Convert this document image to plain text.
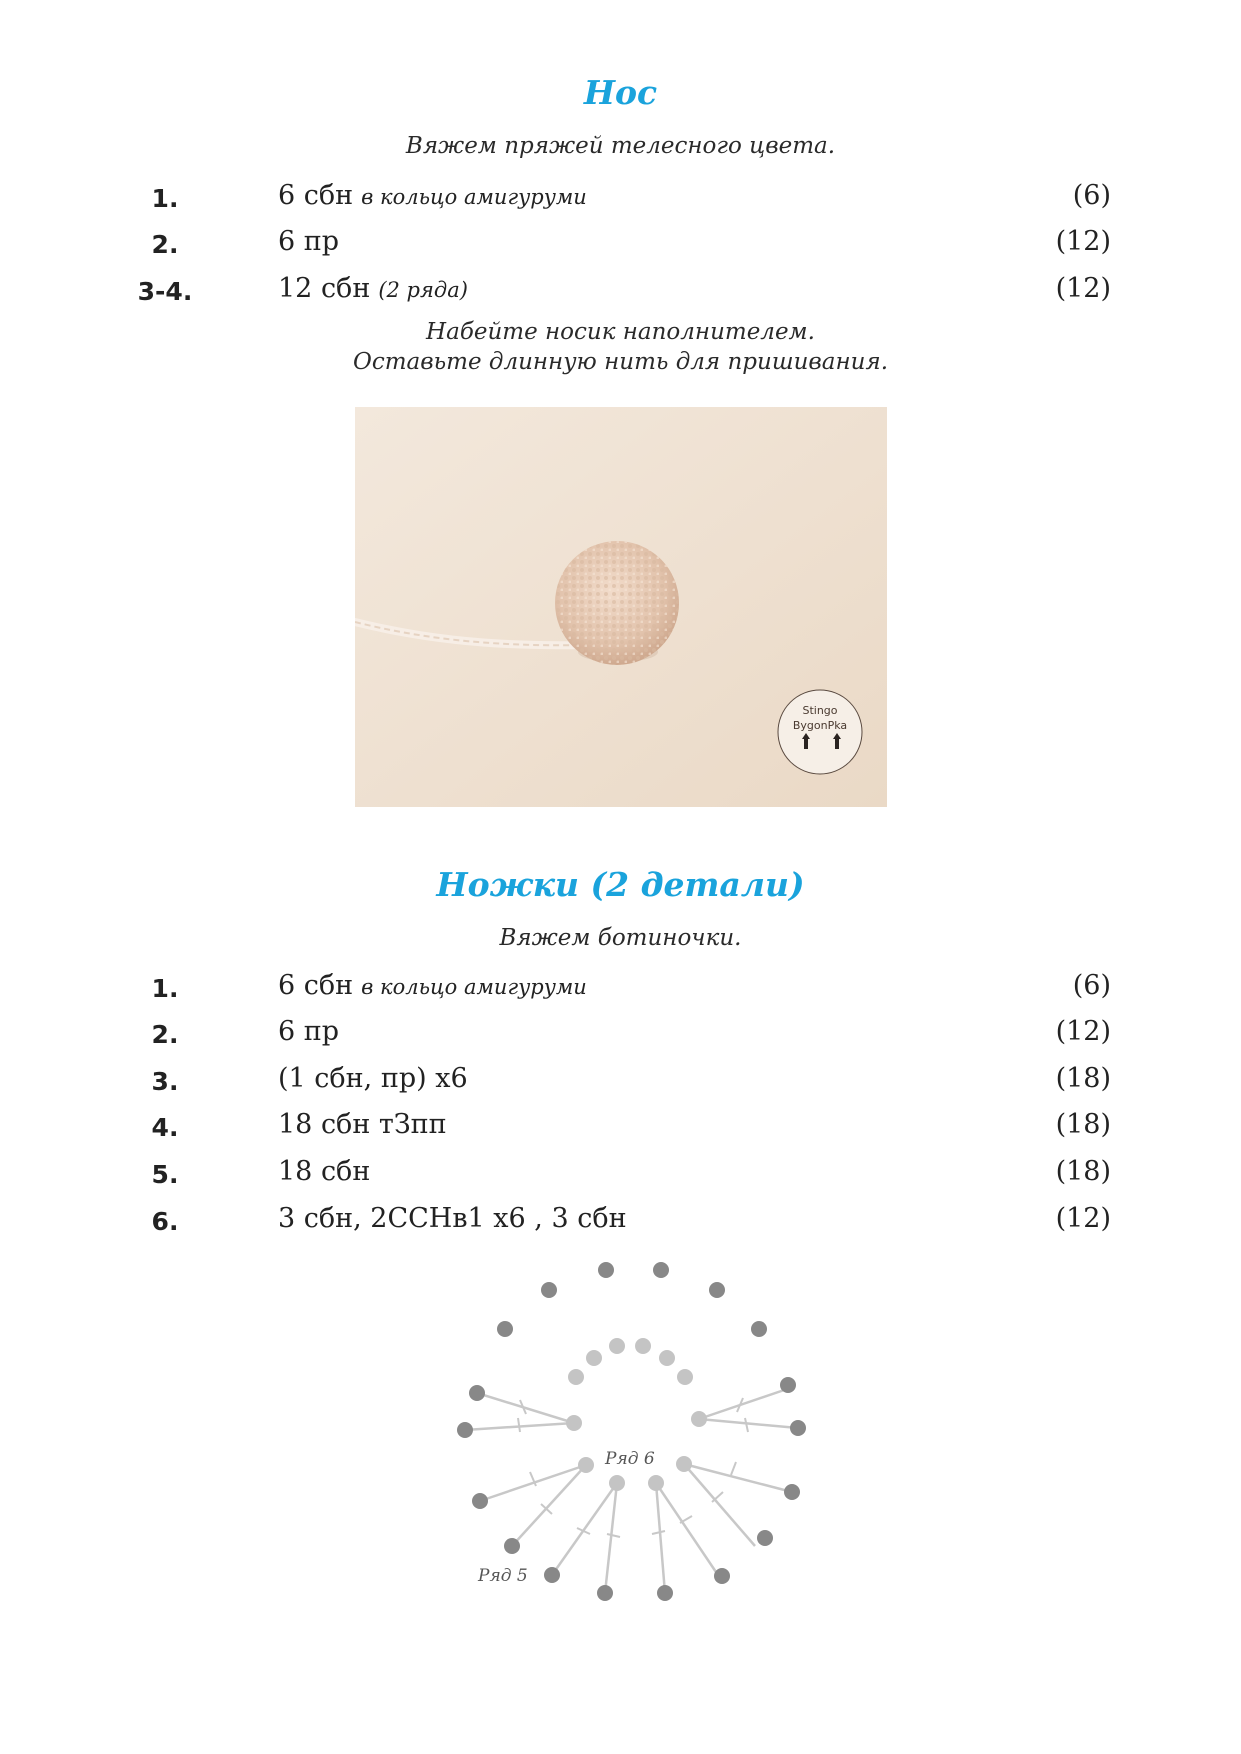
Нос

Вяжем пряжей телесного цвета.

1.	6 сбн в кольцо амигуруми	(6)
2.	6 пр	(12)
3-4.	12 сбн (2 ряда)	(12)

Набейте носик наполнителем.

Оставьте длинную нить для пришивания.

Stingo
BygonPka
Ножки (2 детали)

Вяжем ботиночки.

1.	6 сбн в кольцо амигуруми	(6)
2.	6 пр	(12)
3.	(1 сбн, пр) х6	(18)
4.	18 сбн тЗпп	(18)
5.	18 сбн	(18)
6.	3 сбн, 2ССНв1 х6 , 3 сбн	(12)
Ряд 6
Ряд 5
